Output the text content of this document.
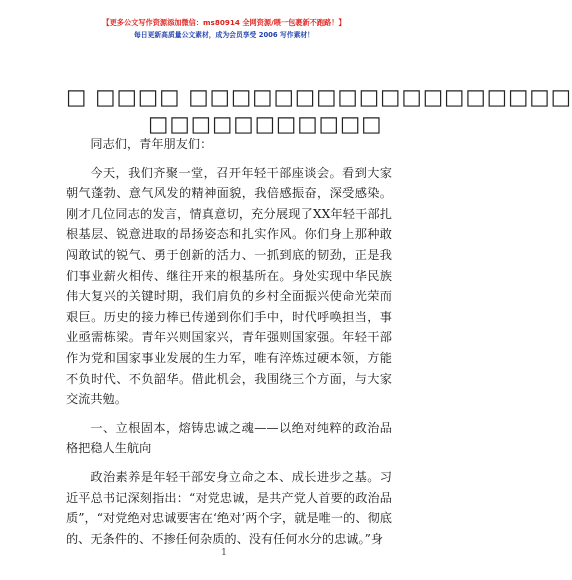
【更多公文写作资源添加微信：ms80914 全网资源/喂一包裹新不跑路！】
每日更新高质量公文素材，成为会员享受 2006 写作素材！
□ □□□□ □□□□□□□□□□□□□□□□□□
□□□□□□□□□□□

同志们，青年朋友们：

今天，我们齐聚一堂，召开年轻干部座谈会。看到大家朝气蓬勃、意气风发的精神面貌，我倍感振奋，深受感染。刚才几位同志的发言，情真意切，充分展现了XX年轻干部扎根基层、锐意进取的昂扬姿态和扎实作风。你们身上那种敢闯敢试的锐气、勇于创新的活力、一抓到底的韧劲，正是我们事业薪火相传、继往开来的根基所在。身处实现中华民族伟大复兴的关键时期，我们肩负的乡村全面振兴使命光荣而艰巨。历史的接力棒已传递到你们手中，时代呼唤担当，事业亟需栋梁。青年兴则国家兴，青年强则国家强。年轻干部作为党和国家事业发展的生力军，唯有淬炼过硬本领，方能不负时代、不负韶华。借此机会，我围绕三个方面，与大家交流共勉。

一、立根固本，熔铸忠诚之魂——以绝对纯粹的政治品格把稳人生航向

政治素养是年轻干部安身立命之本、成长进步之基。习近平总书记深刻指出：“对党忠诚，是共产党人首要的政治品质”，“对党绝对忠诚要害在‘绝对’两个字，就是唯一的、彻底的、无条件的、不掺任何杂质的、没有任何水分的忠诚。”身

1
